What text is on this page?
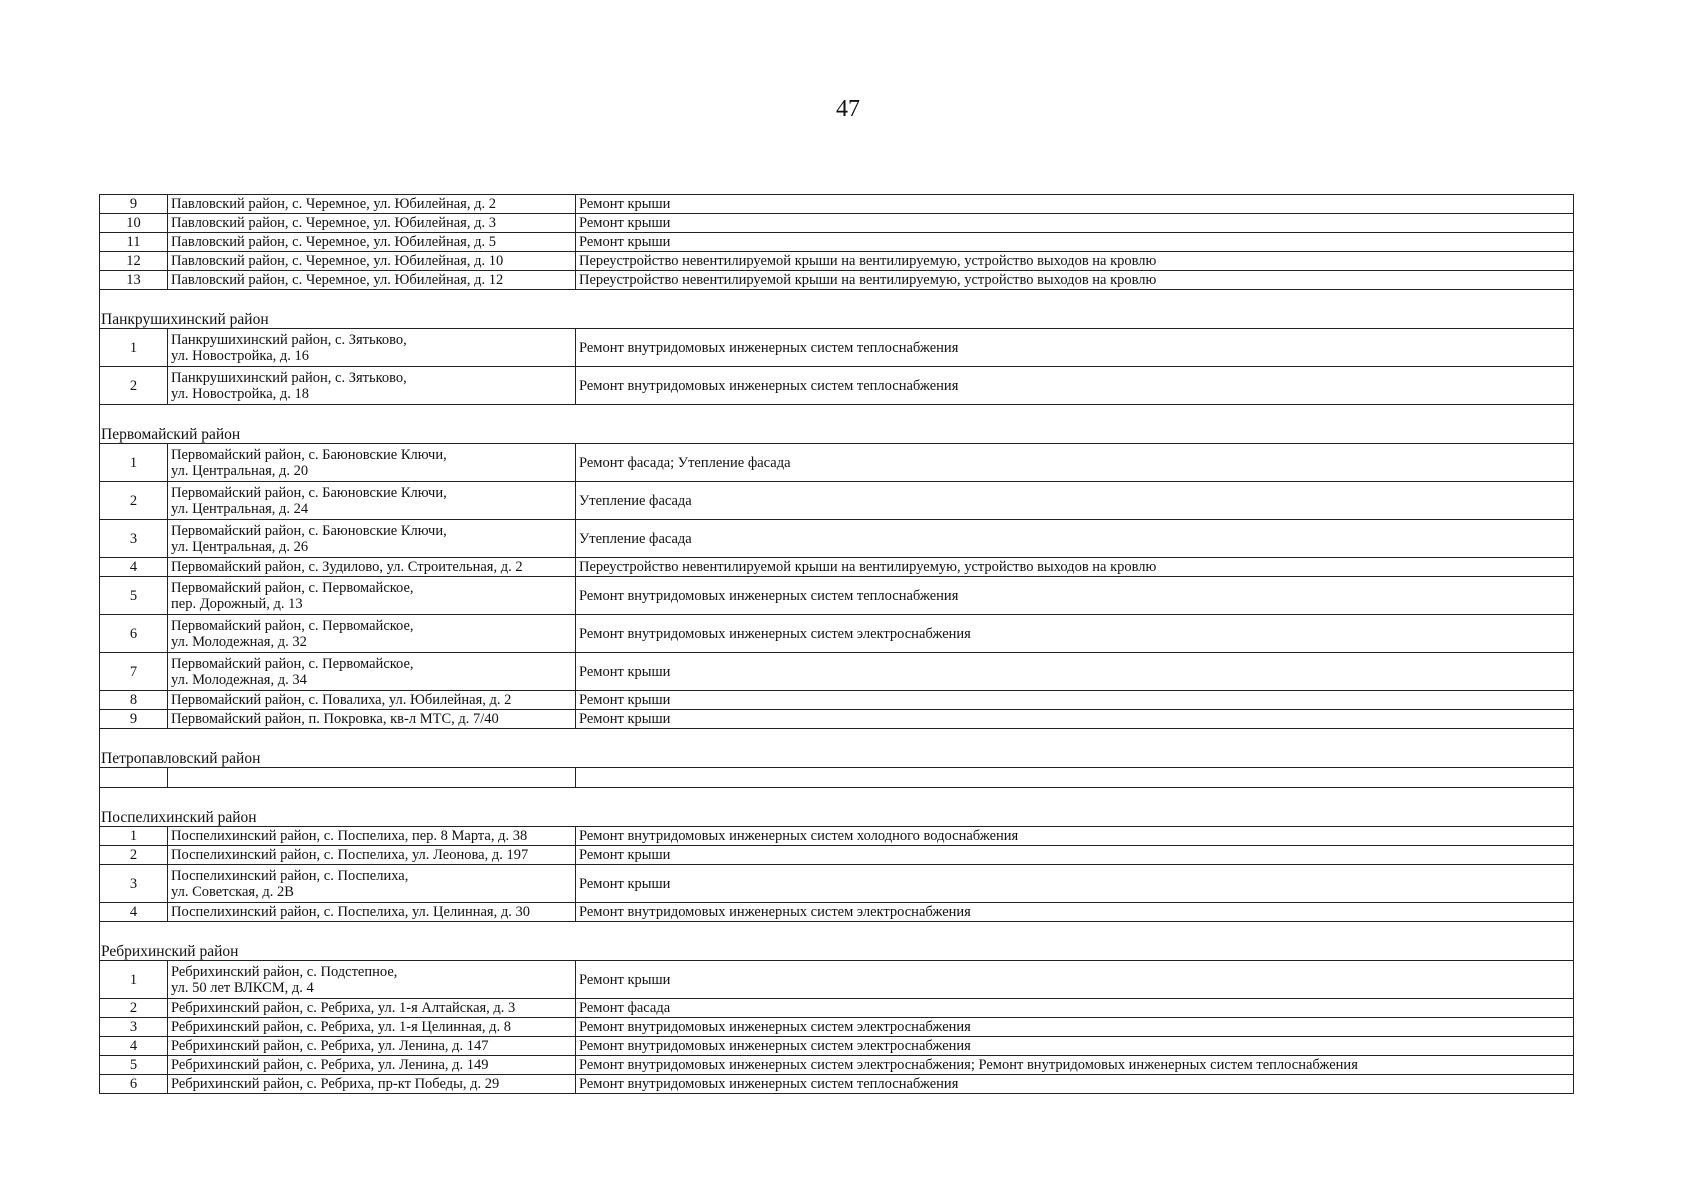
47
9	Павловский район, с. Черемное, ул. Юбилейная, д. 2	Ремонт крыши

10	Павловский район, с. Черемное, ул. Юбилейная, д. 3	Ремонт крыши

11	Павловский район, с. Черемное, ул. Юбилейная, д. 5	Ремонт крыши

12	Павловский район, с. Черемное, ул. Юбилейная, д. 10	Переустройство невентилируемой крыши на вентилируемую, устройство выходов на кровлю

13	Павловский район, с. Черемное, ул. Юбилейная, д. 12	Переустройство невентилируемой крыши на вентилируемую, устройство выходов на кровлю

Панкрушихинский район		
1	Панкрушихинский район, с. Зятьково,
ул. Новостройка, д. 16	Ремонт внутридомовых инженерных систем теплоснабжения

2	Панкрушихинский район, с. Зятьково,
ул. Новостройка, д. 18	Ремонт внутридомовых инженерных систем теплоснабжения

Первомайский район		
1	Первомайский район, с. Баюновские Ключи,
ул. Центральная, д. 20	Ремонт фасада; Утепление фасада

2	Первомайский район, с. Баюновские Ключи,
ул. Центральная, д. 24	Утепление фасада

3	Первомайский район, с. Баюновские Ключи,
ул. Центральная, д. 26	Утепление фасада

4	Первомайский район, с. Зудилово, ул. Строительная, д. 2	Переустройство невентилируемой крыши на вентилируемую, устройство выходов на кровлю

5	Первомайский район, с. Первомайское,
пер. Дорожный, д. 13	Ремонт внутридомовых инженерных систем теплоснабжения

6	Первомайский район, с. Первомайское,
ул. Молодежная, д. 32	Ремонт внутридомовых инженерных систем электроснабжения

7	Первомайский район, с. Первомайское,
ул. Молодежная, д. 34	Ремонт крыши

8	Первомайский район, с. Повалиха, ул. Юбилейная, д. 2	Ремонт крыши

9	Первомайский район, п. Покровка, кв-л МТС, д. 7/40	Ремонт крыши

Петропавловский район		

Поспелихинский район		
1	Поспелихинский район, с. Поспелиха, пер. 8 Марта, д. 38	Ремонт внутридомовых инженерных систем холодного водоснабжения

2	Поспелихинский район, с. Поспелиха, ул. Леонова, д. 197	Ремонт крыши

3	Поспелихинский район, с. Поспелиха,
ул. Советская, д. 2В	Ремонт крыши

4	Поспелихинский район, с. Поспелиха, ул. Целинная, д. 30	Ремонт внутридомовых инженерных систем электроснабжения

Ребрихинский район		
1	Ребрихинский район, с. Подстепное,
ул. 50 лет ВЛКСМ, д. 4	Ремонт крыши

2	Ребрихинский район, с. Ребриха, ул. 1-я Алтайская, д. 3	Ремонт фасада

3	Ребрихинский район, с. Ребриха, ул. 1-я Целинная, д. 8	Ремонт внутридомовых инженерных систем электроснабжения

4	Ребрихинский район, с. Ребриха, ул. Ленина, д. 147	Ремонт внутридомовых инженерных систем электроснабжения

5	Ребрихинский район, с. Ребриха, ул. Ленина, д. 149	Ремонт внутридомовых инженерных систем электроснабжения; Ремонт внутридомовых инженерных систем теплоснабжения

6	Ребрихинский район, с. Ребриха, пр-кт Победы, д. 29	Ремонт внутридомовых инженерных систем теплоснабжения
